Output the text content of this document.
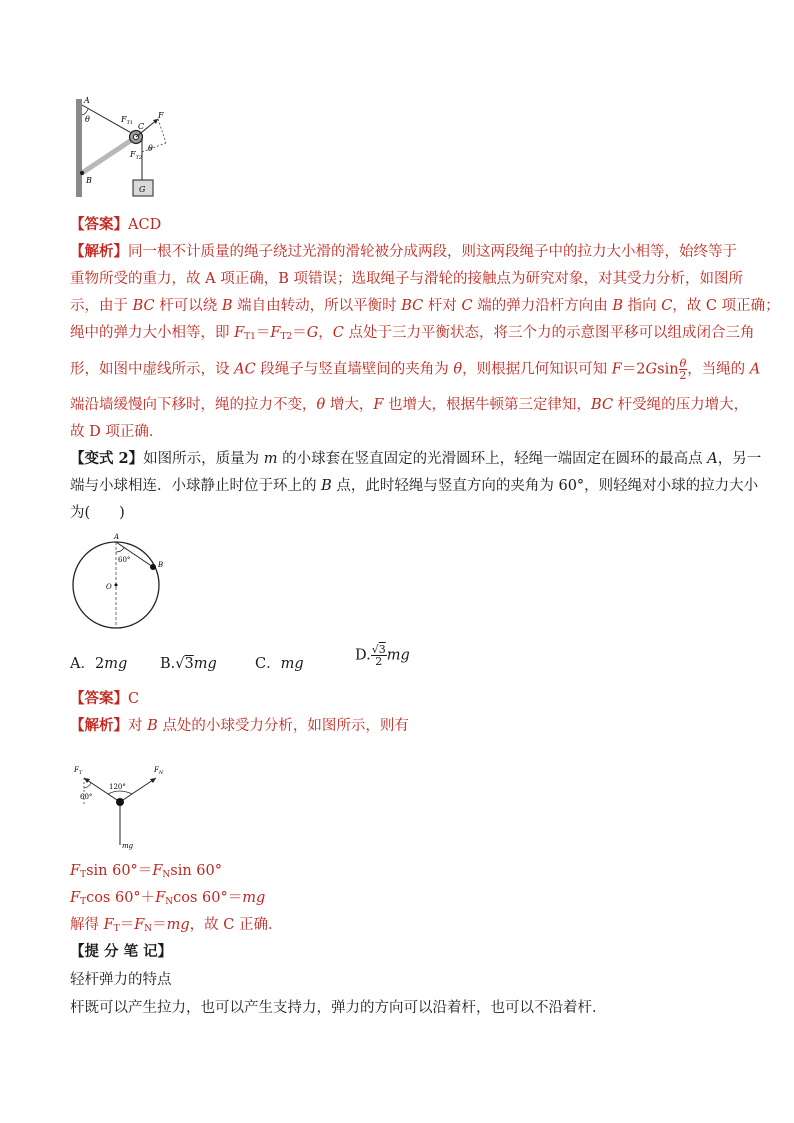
A
θ	$F_{T1}$ C
F
θ
$F_{T2}$
B
G
【答案】ACD
【解析】同一根不计质量的绳子绕过光滑的滑轮被分成两段，则这两段绳子中的拉力大小相等，始终等于
重物所受的重力，故 A 项正确，B 项错误；选取绳子与滑轮的接触点为研究对象，对其受力分析，如图所
示，由于 BC 杆可以绕 B 端自由转动，所以平衡时 BC 杆对 C 端的弹力沿杆方向由 B 指向 C，故 C 项正确；
绳中的弹力大小相等，即 $F_{T1}=F_{T2}=G$，C 点处于三力平衡状态，将三个力的示意图平移可以组成闭合三角
形，如图中虚线所示，设 AC 段绳子与竖直墙壁间的夹角为 θ，则根据几何知识可知 $F=2Gsin \frac{\theta}{2}$ ，当绳的 A
端沿墙缓慢向下移时，绳的拉力不变，θ 增大，F 也增大，根据牛顿第三定律知，BC 杆受绳的压力增大，
故 D 项正确．
【变式 2】如图所示，质量为 m 的小球套在竖直固定的光滑圆环上，轻绳一端固定在圆环的最高点 A，另一
端与小球相连．小球静止时位于环上的 B 点，此时轻绳与竖直方向的夹角为 60°，则轻绳对小球的拉力大小
为(　　)
A
60°
O
B
A．2mg B.√3mg	C．mg
D. $\frac{√3}{2}$ mg
【答案】C
【解析】对 B 点处的小球受力分析，如图所示，则有
$F_T$	$F_N$
120°
60°
mg
$F_T\sin$ $60^\circ=F_N\sin$ 60°
$F_T\cos$ $60^\circ+F_N\cos$ 60°＝mg
解得 $F_T=F_N=mg$，故 C 正确．
【提 分 笔 记】
轻杆弹力的特点
杆既可以产生拉力，也可以产生支持力，弹力的方向可以沿着杆，也可以不沿着杆．
